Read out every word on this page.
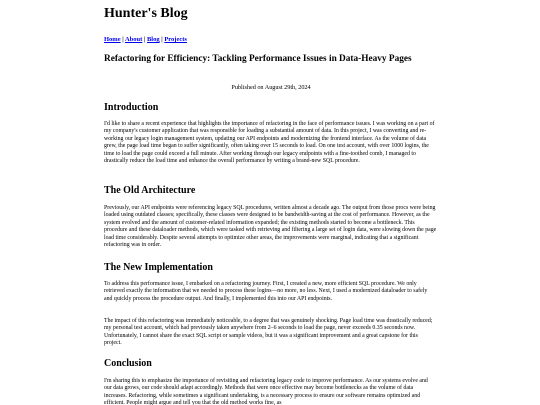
Hunter's Blog
Home | About | Blog | Projects
Refactoring for Efficiency: Tackling Performance Issues in Data-Heavy Pages
Published on August 29th, 2024
Introduction

I'd like to share a recent experience that highlights the importance of refactoring in the face of performance issues. I was working on a part of my company's customer application that was responsible for loading a substantial amount of data. In this project, I was converting and re-working our legacy login management system, updating our API endpoints and modernizing the frontend interface. As the volume of data grew, the page load time began to suffer significantly, often taking over 15 seconds to load. On one test account, with over 1000 logins, the time to load the page could exceed a full minute. After working through our legacy endpoints with a fine-toothed comb, I managed to drastically reduce the load time and enhance the overall performance by writing a brand-new SQL procedure.

The Old Architecture

Previously, our API endpoints were referencing legacy SQL procedures, written almost a decade ago. The output from those procs were being loaded using outdated classes; specifically, these classes were designed to be bandwidth-saving at the cost of performance. However, as the system evolved and the amount of customer-related information expanded; the existing methods started to become a bottleneck. This procedure and these dataloader methods, which were tasked with retrieving and filtering a large set of login data, were slowing down the page load time considerably. Despite several attempts to optimize other areas, the improvements were marginal, indicating that a significant refactoring was in order.

The New Implementation

To address this performance issue, I embarked on a refactoring journey. First, I created a new, more efficient SQL procedure. We only retrieved exactly the information that we needed to process these logins—no more, no less. Next, I used a modernized dataloader to safely and quickly process the procedure output. And finally, I implemented this into our API endpoints.

The impact of this refactoring was immediately noticeable, to a degree that was genuinely shocking. Page load time was drastically reduced; my personal test account, which had previously taken anywhere from 2–6 seconds to load the page, never exceeds 0.35 seconds now. Unfortunately, I cannot share the exact SQL script or sample videos, but it was a significant improvement and a great capstone for this project.

Conclusion

I'm sharing this to emphasize the importance of revisiting and refactoring legacy code to improve performance. As our systems evolve and our data grows, our code should adapt accordingly. Methods that were once effective may become bottlenecks as the volume of data increases. Refactoring, while sometimes a significant undertaking, is a necessary process to ensure our software remains optimized and efficient. People might argue and tell you that the old method works fine, as
